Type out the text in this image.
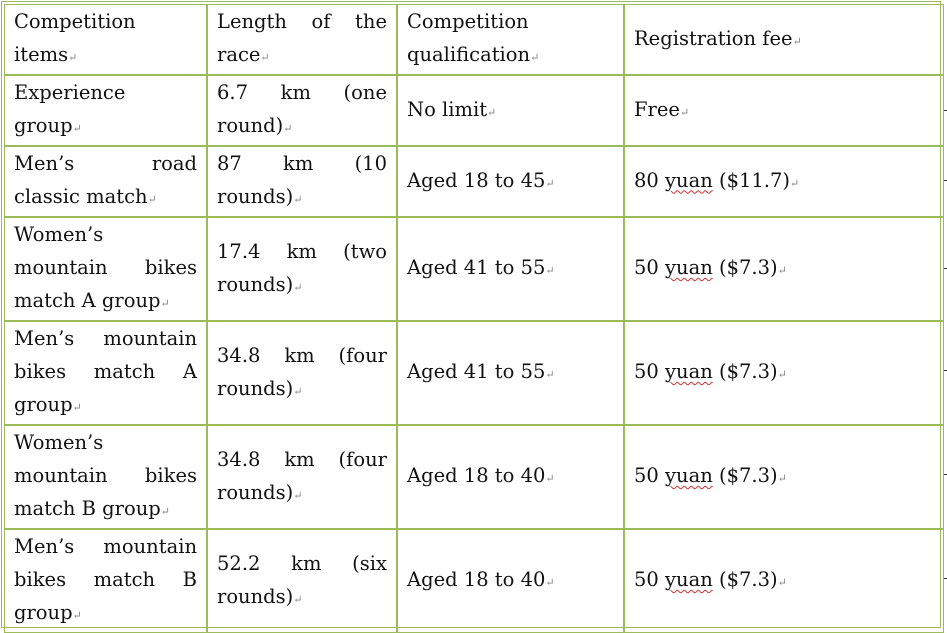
Competition items↵	Length of the race↵	Competition qualification↵	Registration fee↵
Experience group↵	6.7 km (one round)↵	No limit↵	Free↵
Men’s road classic match↵	87 km (10 rounds)↵	Aged 18 to 45↵	80 yuan ($11.7)↵
Women’s mountain bikes match A group↵	17.4 km (two rounds)↵	Aged 41 to 55↵	50 yuan ($7.3)↵
Men’s mountain bikes match A group↵	34.8 km (four rounds)↵	Aged 41 to 55↵	50 yuan ($7.3)↵
Women’s mountain bikes match B group↵	34.8 km (four rounds)↵	Aged 18 to 40↵	50 yuan ($7.3)↵
Men’s mountain bikes match B group↵	52.2 km (six rounds)↵	Aged 18 to 40↵	50 yuan ($7.3)↵
